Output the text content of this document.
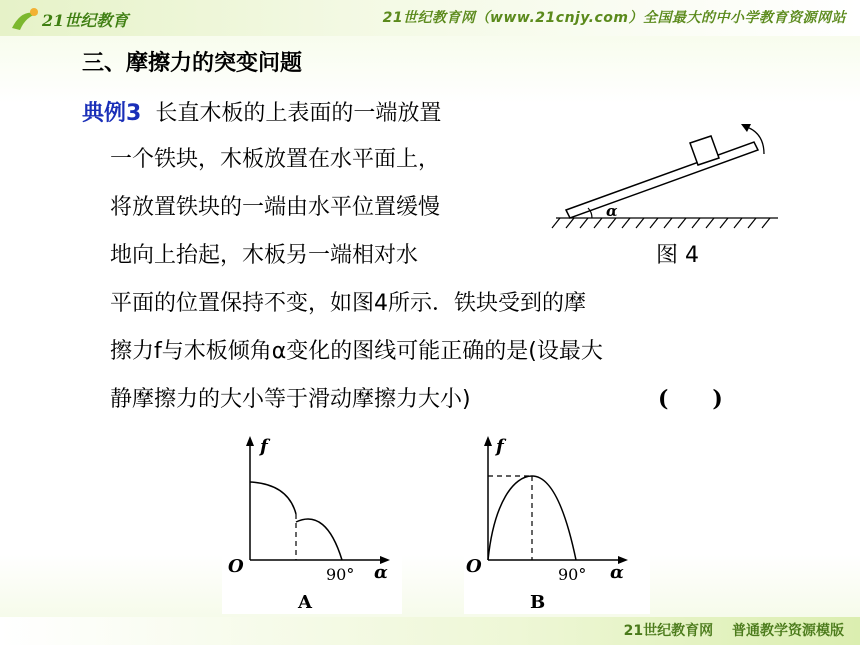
21世纪教育	21世纪教育网（www.21cnjy.com）全国最大的中小学教育资源网站
三、摩擦力的突变问题
典例3 长直木板的上表面的一端放置
一个铁块，木板放置在水平面上，
将放置铁块的一端由水平位置缓慢
地向上抬起，木板另一端相对水
平面的位置保持不变，如图4所示．铁块受到的摩
擦力f与木板倾角α变化的图线可能正确的是(设最大
静摩擦力的大小等于滑动摩擦力大小)	(　　)
α
图 4
f
O	90° α
A
f
O	90° α
B
21世纪教育网　 普通教学资源模版
